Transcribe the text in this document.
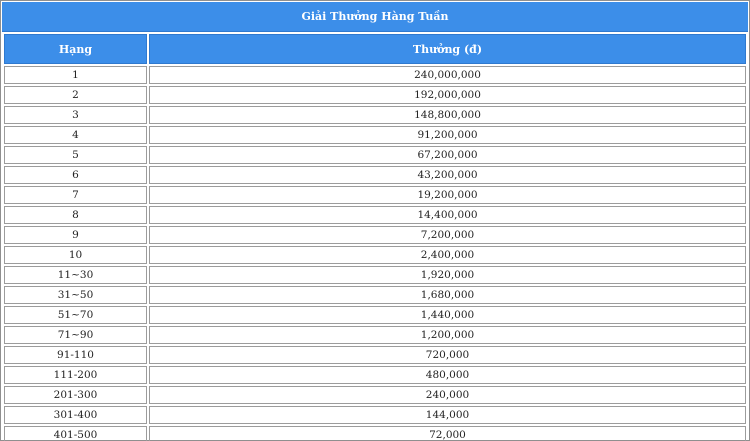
Giải Thưởng Hàng Tuần
Hạng	Thưởng (đ)
1	240,000,000
2	192,000,000
3	148,800,000
4	91,200,000
5	67,200,000
6	43,200,000
7	19,200,000
8	14,400,000
9	7,200,000
10	2,400,000
11~30	1,920,000
31~50	1,680,000
51~70	1,440,000
71~90	1,200,000
91-110	720,000
111-200	480,000
201-300	240,000
301-400	144,000
401-500	72,000
